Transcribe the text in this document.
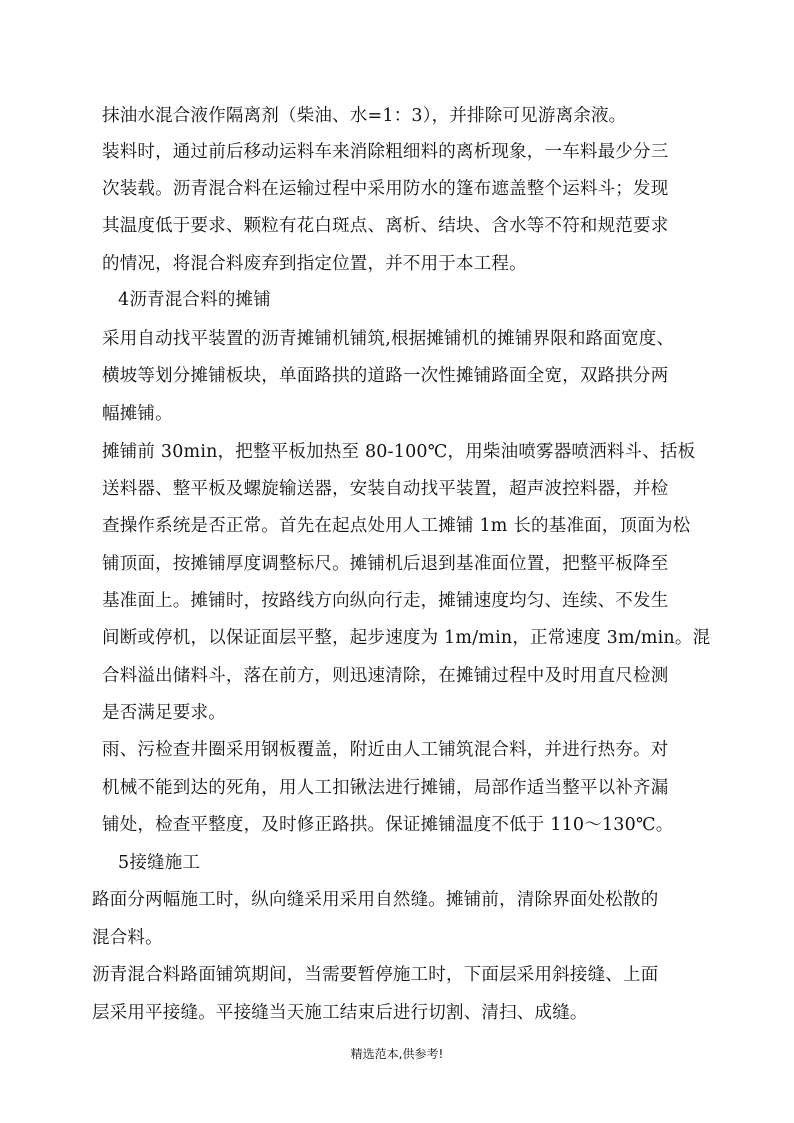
抹油水混合液作隔离剂（柴油、水=1：3），并排除可见游离余液。

装料时，通过前后移动运料车来消除粗细料的离析现象，一车料最少分三

次装载。沥青混合料在运输过程中采用防水的篷布遮盖整个运料斗；发现

其温度低于要求、颗粒有花白斑点、离析、结块、含水等不符和规范要求

的情况，将混合料废弃到指定位置，并不用于本工程。

4沥青混合料的摊铺

采用自动找平装置的沥青摊铺机铺筑,根据摊铺机的摊铺界限和路面宽度、

横坡等划分摊铺板块，单面路拱的道路一次性摊铺路面全宽，双路拱分两

幅摊铺。

摊铺前 30min，把整平板加热至 80-100℃，用柴油喷雾器喷洒料斗、括板

送料器、整平板及螺旋输送器，安装自动找平装置，超声波控料器，并检

查操作系统是否正常。首先在起点处用人工摊铺 1m 长的基准面，顶面为松

铺顶面，按摊铺厚度调整标尺。摊铺机后退到基准面位置，把整平板降至

基准面上。摊铺时，按路线方向纵向行走，摊铺速度均匀、连续、不发生

间断或停机，以保证面层平整，起步速度为 1m/min，正常速度 3m/min。混

合料溢出储料斗，落在前方，则迅速清除，在摊铺过程中及时用直尺检测

是否满足要求。

雨、污检查井圈采用钢板覆盖，附近由人工铺筑混合料，并进行热夯。对

机械不能到达的死角，用人工扣锹法进行摊铺，局部作适当整平以补齐漏

铺处，检查平整度，及时修正路拱。保证摊铺温度不低于 110～130℃。

5接缝施工

路面分两幅施工时，纵向缝采用采用自然缝。摊铺前，清除界面处松散的

混合料。

沥青混合料路面铺筑期间，当需要暂停施工时，下面层采用斜接缝、上面

层采用平接缝。平接缝当天施工结束后进行切割、清扫、成缝。

精选范本,供参考!
